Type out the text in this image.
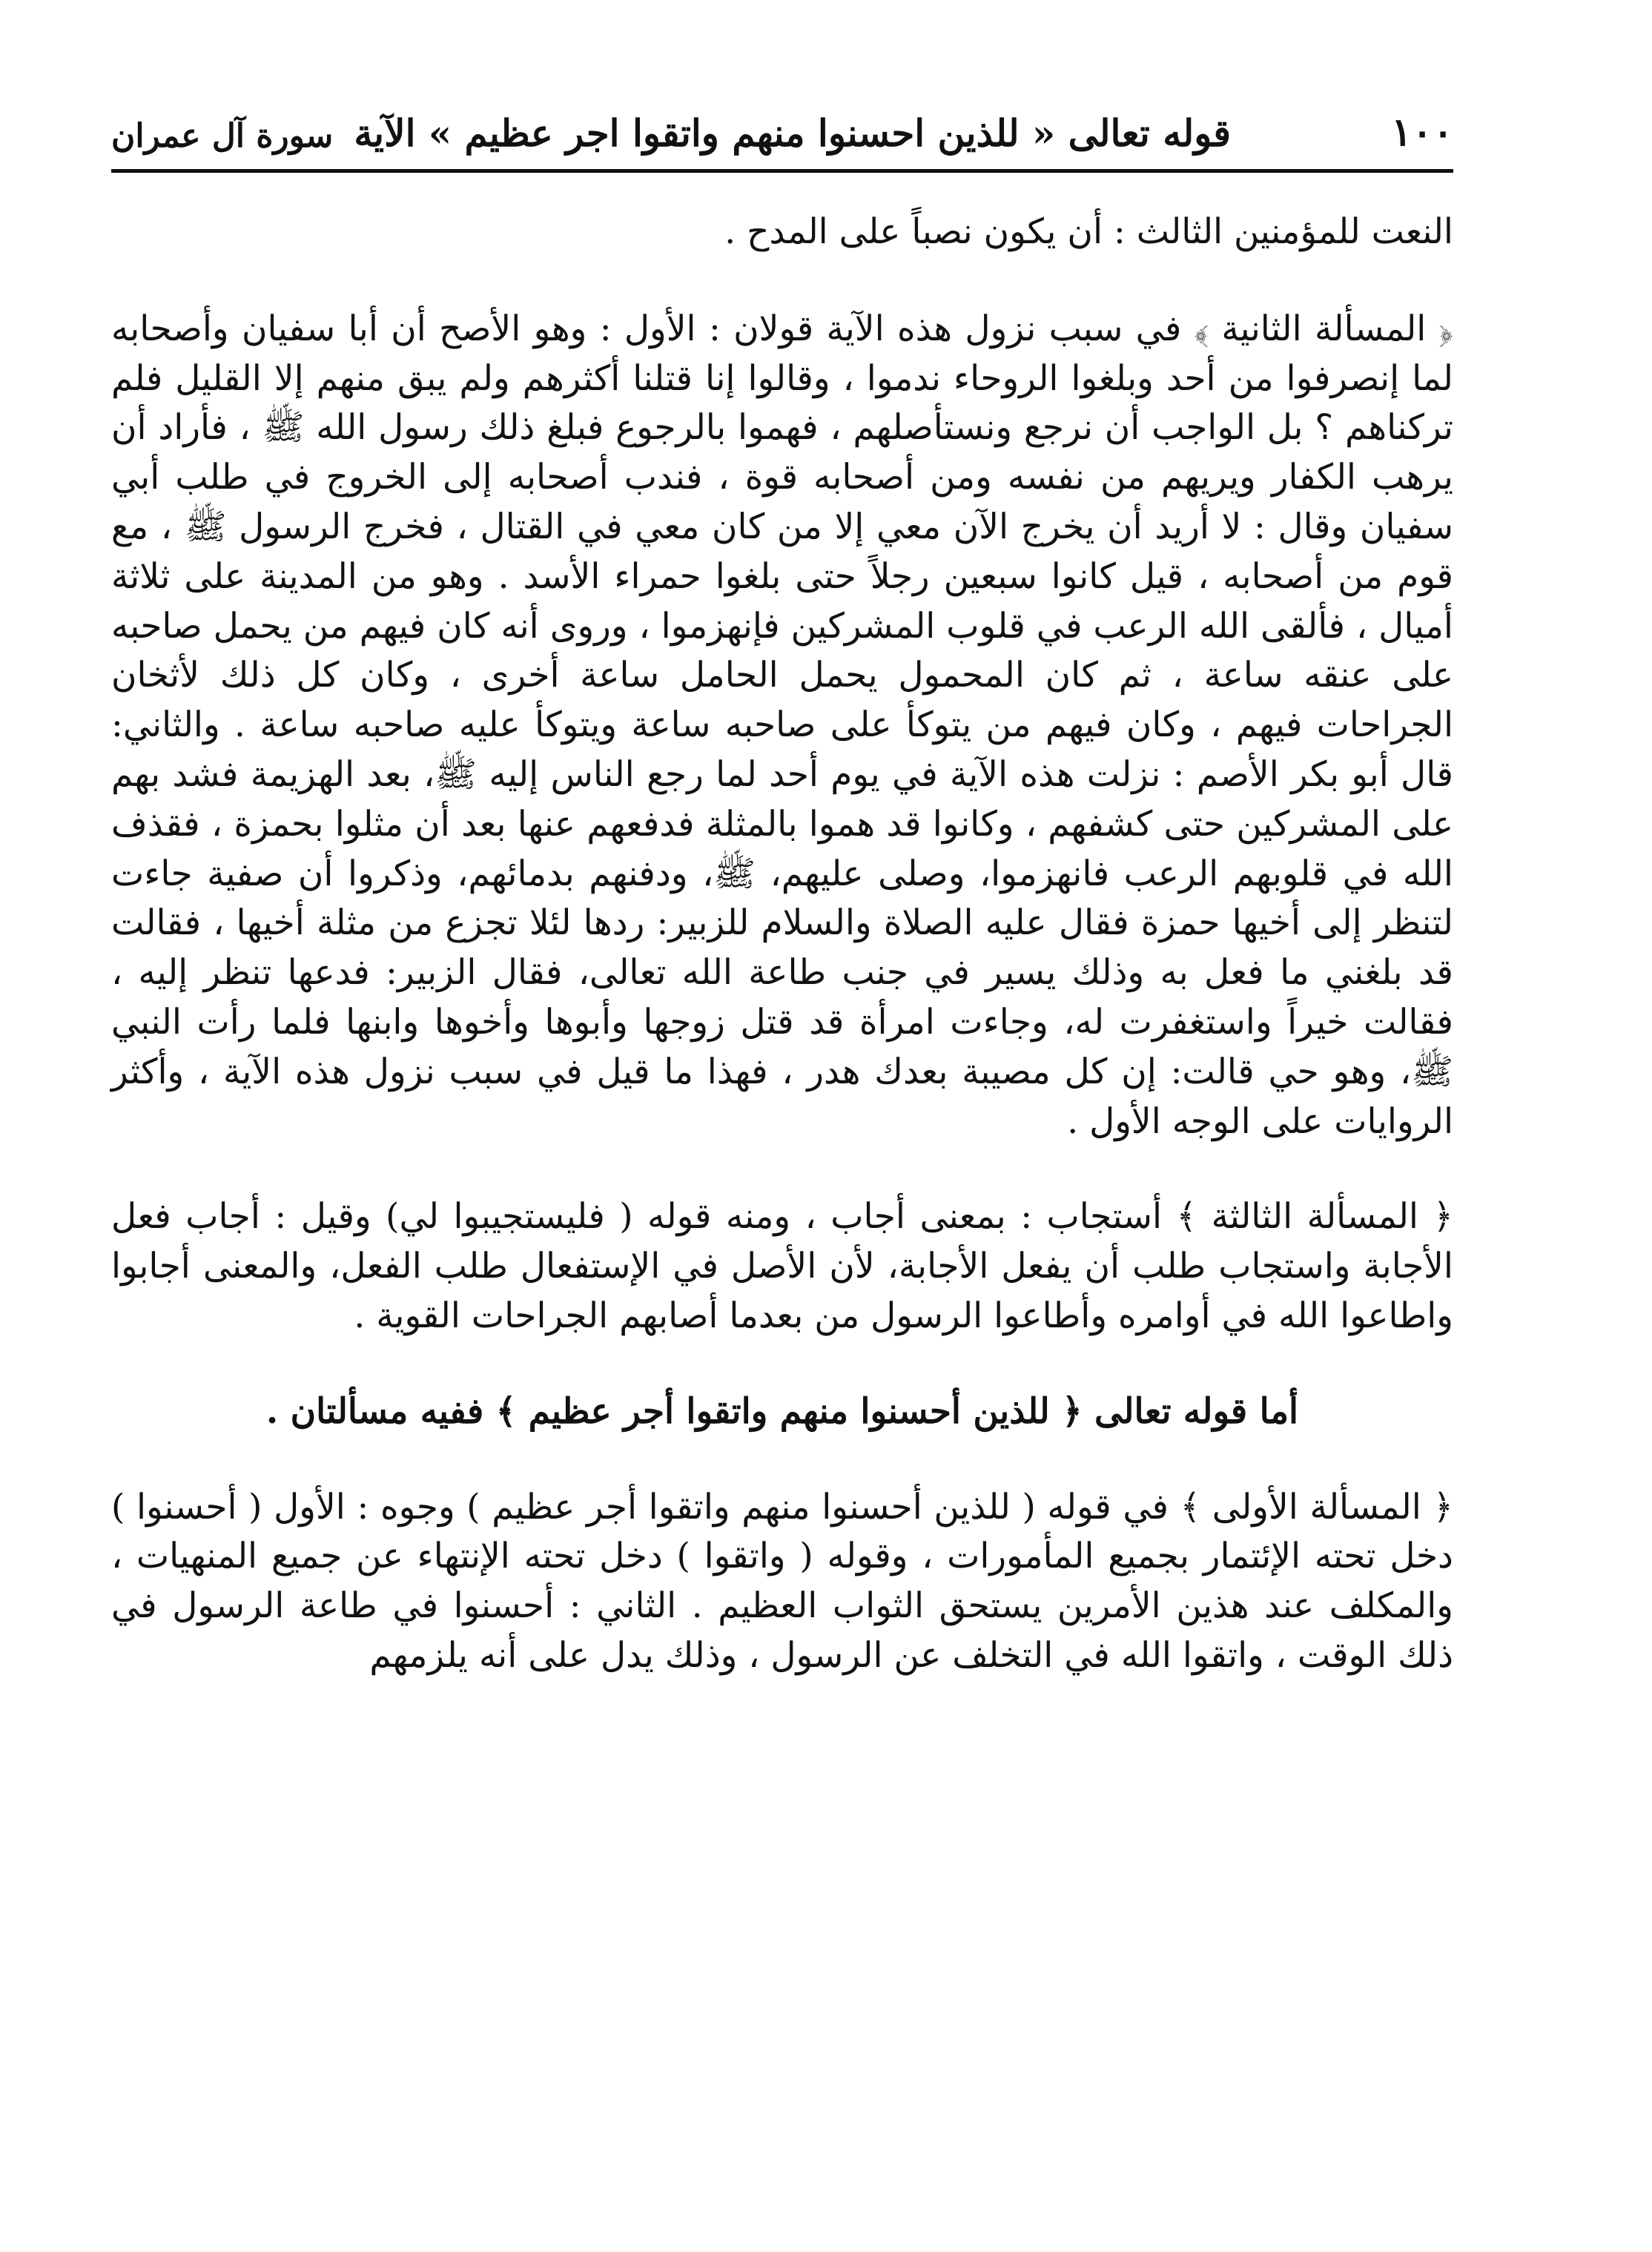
١٠٠
قوله تعالى « للذين احسنوا منهم واتقوا اجر عظيم » الآية
سورة آل عمران

النعت للمؤمنين الثالث : أن يكون نصباً على المدح .

﴿ المسألة الثانية ﴾ في سبب نزول هذه الآية قولان : الأول : وهو الأصح أن أبا سفيان وأصحابه لما إنصرفوا من أحد وبلغوا الروحاء ندموا ، وقالوا إنا قتلنا أكثرهم ولم يبق منهم إلا القليل فلم تركناهم ؟ بل الواجب أن نرجع ونستأصلهم ، فهموا بالرجوع فبلغ ذلك رسول الله ﷺ ، فأراد أن يرهب الكفار ويريهم من نفسه ومن أصحابه قوة ، فندب أصحابه إلى الخروج في طلب أبي سفيان وقال : لا أريد أن يخرج الآن معي إلا من كان معي في القتال ، فخرج الرسول ﷺ ، مع قوم من أصحابه ، قيل كانوا سبعين رجلاً حتى بلغوا حمراء الأسد . وهو من المدينة على ثلاثة أميال ، فألقى الله الرعب في قلوب المشركين فإنهزموا ، وروى أنه كان فيهم من يحمل صاحبه على عنقه ساعة ، ثم كان المحمول يحمل الحامل ساعة أخرى ، وكان كل ذلك لأثخان الجراحات فيهم ، وكان فيهم من يتوكأ على صاحبه ساعة ويتوكأ عليه صاحبه ساعة . والثاني: قال أبو بكر الأصم : نزلت هذه الآية في يوم أحد لما رجع الناس إليه ﷺ، بعد الهزيمة فشد بهم على المشركين حتى كشفهم ، وكانوا قد هموا بالمثلة فدفعهم عنها بعد أن مثلوا بحمزة ، فقذف الله في قلوبهم الرعب فانهزموا، وصلى عليهم، ﷺ، ودفنهم بدمائهم، وذكروا أن صفية جاءت لتنظر إلى أخيها حمزة فقال عليه الصلاة والسلام للزبير: ردها لئلا تجزع من مثلة أخيها ، فقالت قد بلغني ما فعل به وذلك يسير في جنب طاعة الله تعالى، فقال الزبير: فدعها تنظر إليه ، فقالت خيراً واستغفرت له، وجاءت امرأة قد قتل زوجها وأبوها وأخوها وابنها فلما رأت النبي ﷺ، وهو حي قالت: إن كل مصيبة بعدك هدر ، فهذا ما قيل في سبب نزول هذه الآية ، وأكثر الروايات على الوجه الأول .

﴿ المسألة الثالثة ﴾ أستجاب : بمعنى أجاب ، ومنه قوله ( فليستجيبوا لي) وقيل : أجاب فعل الأجابة واستجاب طلب أن يفعل الأجابة، لأن الأصل في الإستفعال طلب الفعل، والمعنى أجابوا واطاعوا الله في أوامره وأطاعوا الرسول من بعدما أصابهم الجراحات القوية .

أما قوله تعالى ﴿ للذين أحسنوا منهم واتقوا أجر عظيم ﴾ ففيه مسألتان .

﴿ المسألة الأولى ﴾ في قوله ( للذين أحسنوا منهم واتقوا أجر عظيم ) وجوه : الأول ( أحسنوا ) دخل تحته الإئتمار بجميع المأمورات ، وقوله ( واتقوا ) دخل تحته الإنتهاء عن جميع المنهيات ، والمكلف عند هذين الأمرين يستحق الثواب العظيم . الثاني : أحسنوا في طاعة الرسول في ذلك الوقت ، واتقوا الله في التخلف عن الرسول ، وذلك يدل على أنه يلزمهم
